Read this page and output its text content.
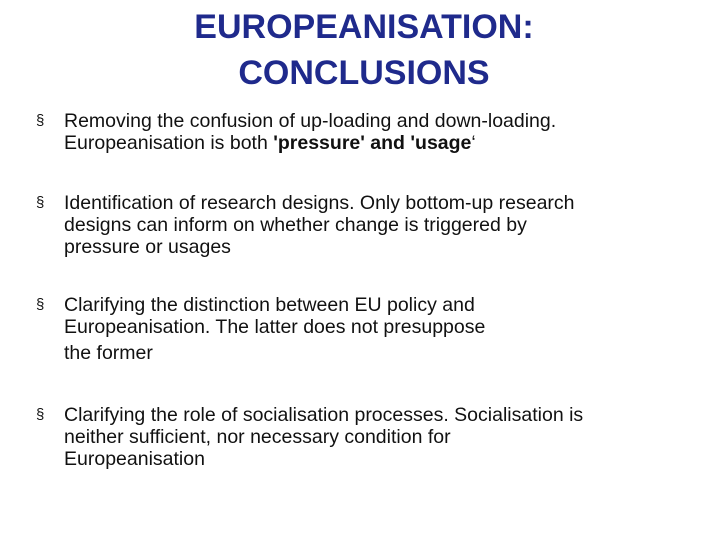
EUROPEANISATION:
CONCLUSIONS
§ Removing the confusion of up-loading and down-loading.
Europeanisation is both 'pressure' and 'usage‘
§ Identification of research designs. Only bottom-up research
designs can inform on whether change is triggered by
pressure or usages
§ Clarifying the distinction between EU policy and
Europeanisation. The latter does not presuppose
the former
§ Clarifying the role of socialisation processes. Socialisation is
neither sufficient, nor necessary condition for
Europeanisation
